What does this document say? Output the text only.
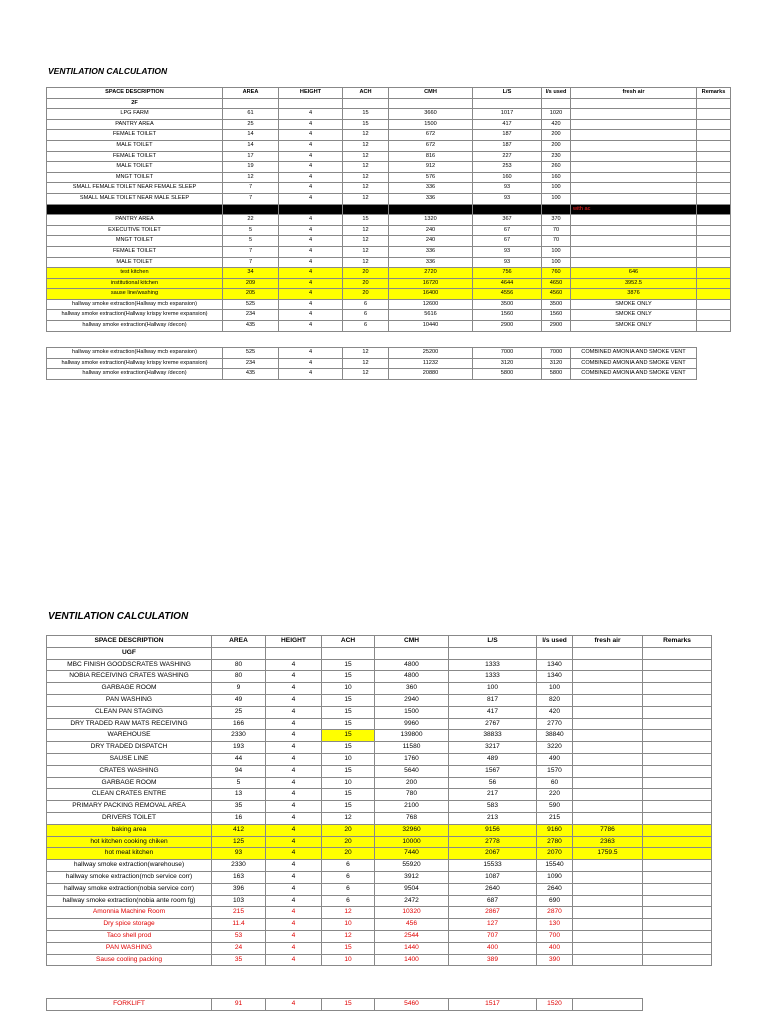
VENTILATION CALCULATION
SPACE DESCRIPTION	AREA	HEIGHT	ACH	CMH	L/S	l/s used	fresh air	Remarks
2F								
LPG FARM	61	4	15	3660	1017	1020		
PANTRY AREA	25	4	15	1500	417	420		
FEMALE TOILET	14	4	12	672	187	200		
MALE TOILET	14	4	12	672	187	200		
FEMALE TOILET	17	4	12	816	227	230		
MALE TOILET	19	4	12	912	253	260		
MNGT TOILET	12	4	12	576	160	160		
SMALL FEMALE TOILET NEAR FEMALE SLEEP	7	4	12	336	93	100		
SMALL MALE TOILET NEAR MALE SLEEP	7	4	12	336	93	100		
	7	4	10	280	78	80	with ac	
PANTRY AREA	22	4	15	1320	367	370		
EXECUTIVE TOILET	5	4	12	240	67	70		
MNGT TOILET	5	4	12	240	67	70		
FEMALE TOILET	7	4	12	336	93	100		
MALE TOILET	7	4	12	336	93	100		
test kitchen	34	4	20	2720	756	760	646	
institutional kitchen	209	4	20	16720	4644	4650	3952.5	
sause line/washing	205	4	20	16400	4556	4560	3876	
hallway smoke extraction(Hallway mcb expansion)	525	4	6	12600	3500	3500	SMOKE ONLY	
hallway smoke extraction(Hallway krispy kreme expansion)	234	4	6	5616	1560	1560	SMOKE ONLY	
hallway smoke extraction(Hallway /decon)	435	4	6	10440	2900	2900	SMOKE ONLY	
hallway smoke extraction(Hallway mcb expansion)	525	4	12	25200	7000	7000	COMBINED AMONIA AND SMOKE VENT
hallway smoke extraction(Hallway krispy kreme expansion)	234	4	12	11232	3120	3120	COMBINED AMONIA AND SMOKE VENT
hallway smoke extraction(Hallway /decon)	435	4	12	20880	5800	5800	COMBINED AMONIA AND SMOKE VENT
VENTILATION CALCULATION
SPACE DESCRIPTION	AREA	HEIGHT	ACH	CMH	L/S	l/s used	fresh air	Remarks
UGF								
MBC FINISH GOODSCRATES WASHING	80	4	15	4800	1333	1340		
NOBIA RECEIVING CRATES WASHING	80	4	15	4800	1333	1340		
GARBAGE ROOM	9	4	10	360	100	100		
PAN WASHING	49	4	15	2940	817	820		
CLEAN PAN STAGING	25	4	15	1500	417	420		
DRY TRADED RAW MATS RECEIVING	166	4	15	9960	2767	2770		
WAREHOUSE	2330	4	15	139800	38833	38840		
DRY TRADED DISPATCH	193	4	15	11580	3217	3220		
SAUSE LINE	44	4	10	1760	489	490		
CRATES WASHING	94	4	15	5640	1567	1570		
GARBAGE ROOM	5	4	10	200	56	60		
CLEAN CRATES ENTRE	13	4	15	780	217	220		
PRIMARY PACKING REMOVAL AREA	35	4	15	2100	583	590		
DRIVERS TOILET	16	4	12	768	213	215		
baking area	412	4	20	32960	9156	9160	7786	
hot kitchen cooking chiken	125	4	20	10000	2778	2780	2363	
hot meat kitchen	93	4	20	7440	2067	2070	1759.5	
hallway smoke extraction(warehouse)	2330	4	6	55920	15533	15540		
hallway smoke extraction(mcb service corr)	163	4	6	3912	1087	1090		
hallway smoke extraction(nobia service corr)	396	4	6	9504	2640	2640		
hallway smoke extraction(nobia ante room fg)	103	4	6	2472	687	690		
Amonnia Machine Room	215	4	12	10320	2867	2870		
Dry spice storage	11.4	4	10	456	127	130		
Taco shell prod	53	4	12	2544	707	700		
PAN WASHING	24	4	15	1440	400	400		
Sause cooling packing	35	4	10	1400	389	390		
FORKLIFT	91	4	15	5460	1517	1520	
